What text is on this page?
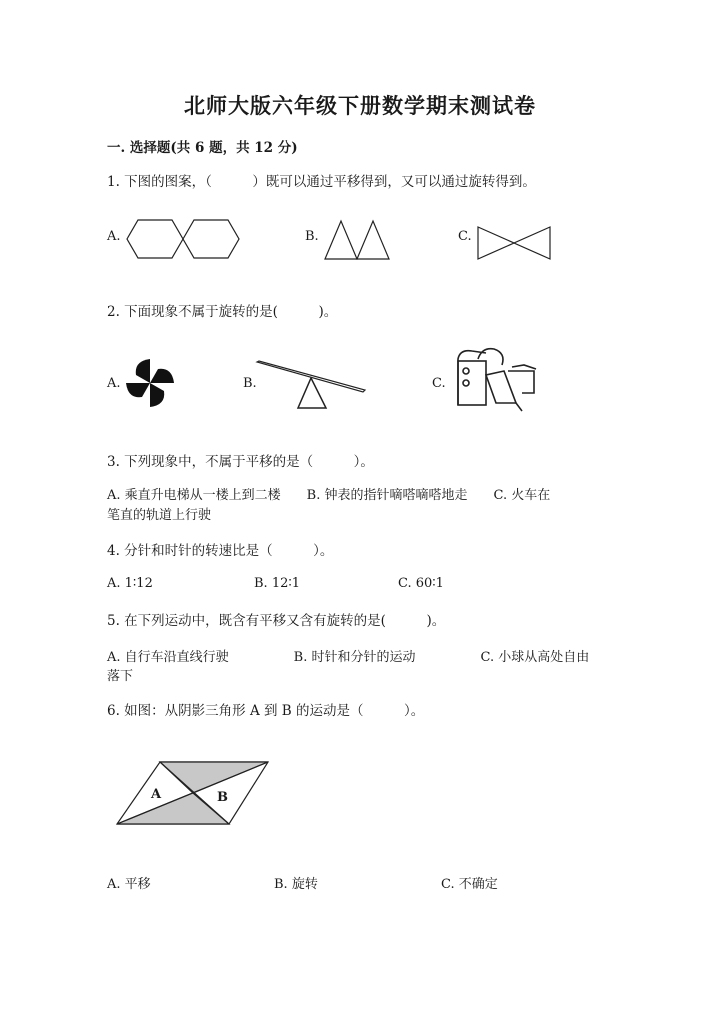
北师大版六年级下册数学期末测试卷
一. 选择题(共 6 题，共 12 分)
1. 下图的图案，（　　　）既可以通过平移得到，又可以通过旋转得到。
A.	B.	C.
2. 下面现象不属于旋转的是(　　　)。
A.	B.	C.
3. 下列现象中，不属于平移的是（　　　）。
A. 乘直升电梯从一楼上到二楼　　B. 钟表的指针嘀嗒嘀嗒地走　　C. 火车在
笔直的轨道上行驶
4. 分针和时针的转速比是（　　　）。
A. 1∶12	B. 12∶1	C. 60∶1
5. 在下列运动中，既含有平移又含有旋转的是(　　　)。
A. 自行车沿直线行驶　　　　　B. 时针和分针的运动　　　　　C. 小球从高处自由
落下
6. 如图：从阴影三角形 A 到 B 的运动是（　　　）。
A	B
A. 平移	B. 旋转	C. 不确定
